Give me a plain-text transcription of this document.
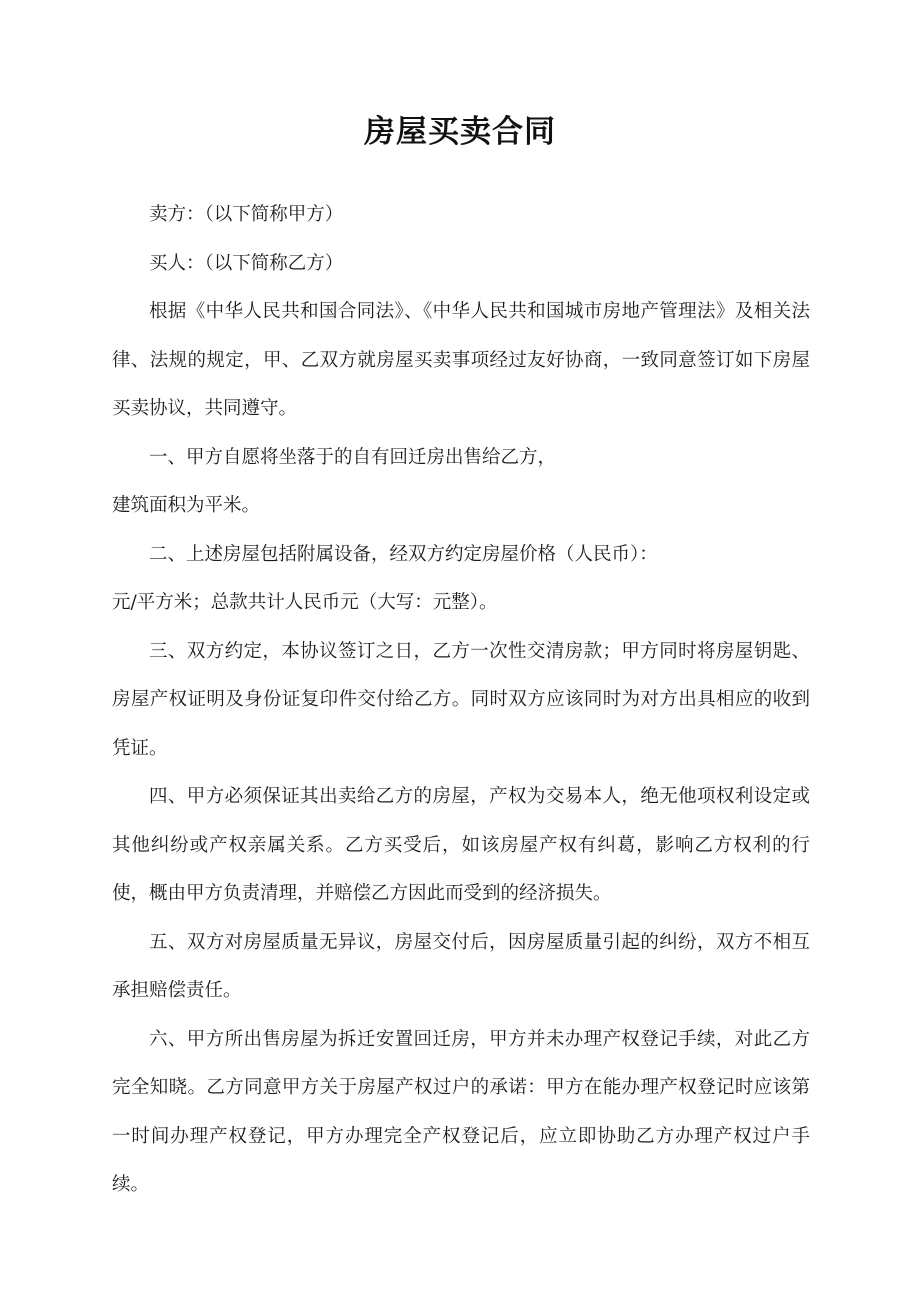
房屋买卖合同

卖方：（以下简称甲方）

买人：（以下简称乙方）

根据《中华人民共和国合同法》、《中华人民共和国城市房地产管理法》及相关法律、法规的规定，甲、乙双方就房屋买卖事项经过友好协商，一致同意签订如下房屋买卖协议，共同遵守。

一、甲方自愿将坐落于的自有回迁房出售给乙方，

建筑面积为平米。

二、上述房屋包括附属设备，经双方约定房屋价格（人民币）：

元/平方米；总款共计人民币元（大写：元整）。

三、双方约定，本协议签订之日，乙方一次性交清房款；甲方同时将房屋钥匙、房屋产权证明及身份证复印件交付给乙方。同时双方应该同时为对方出具相应的收到凭证。

四、甲方必须保证其出卖给乙方的房屋，产权为交易本人，绝无他项权利设定或其他纠纷或产权亲属关系。乙方买受后，如该房屋产权有纠葛，影响乙方权利的行使，概由甲方负责清理，并赔偿乙方因此而受到的经济损失。

五、双方对房屋质量无异议，房屋交付后，因房屋质量引起的纠纷，双方不相互承担赔偿责任。

六、甲方所出售房屋为拆迁安置回迁房，甲方并未办理产权登记手续，对此乙方完全知晓。乙方同意甲方关于房屋产权过户的承诺：甲方在能办理产权登记时应该第一时间办理产权登记，甲方办理完全产权登记后，应立即协助乙方办理产权过户手续。
